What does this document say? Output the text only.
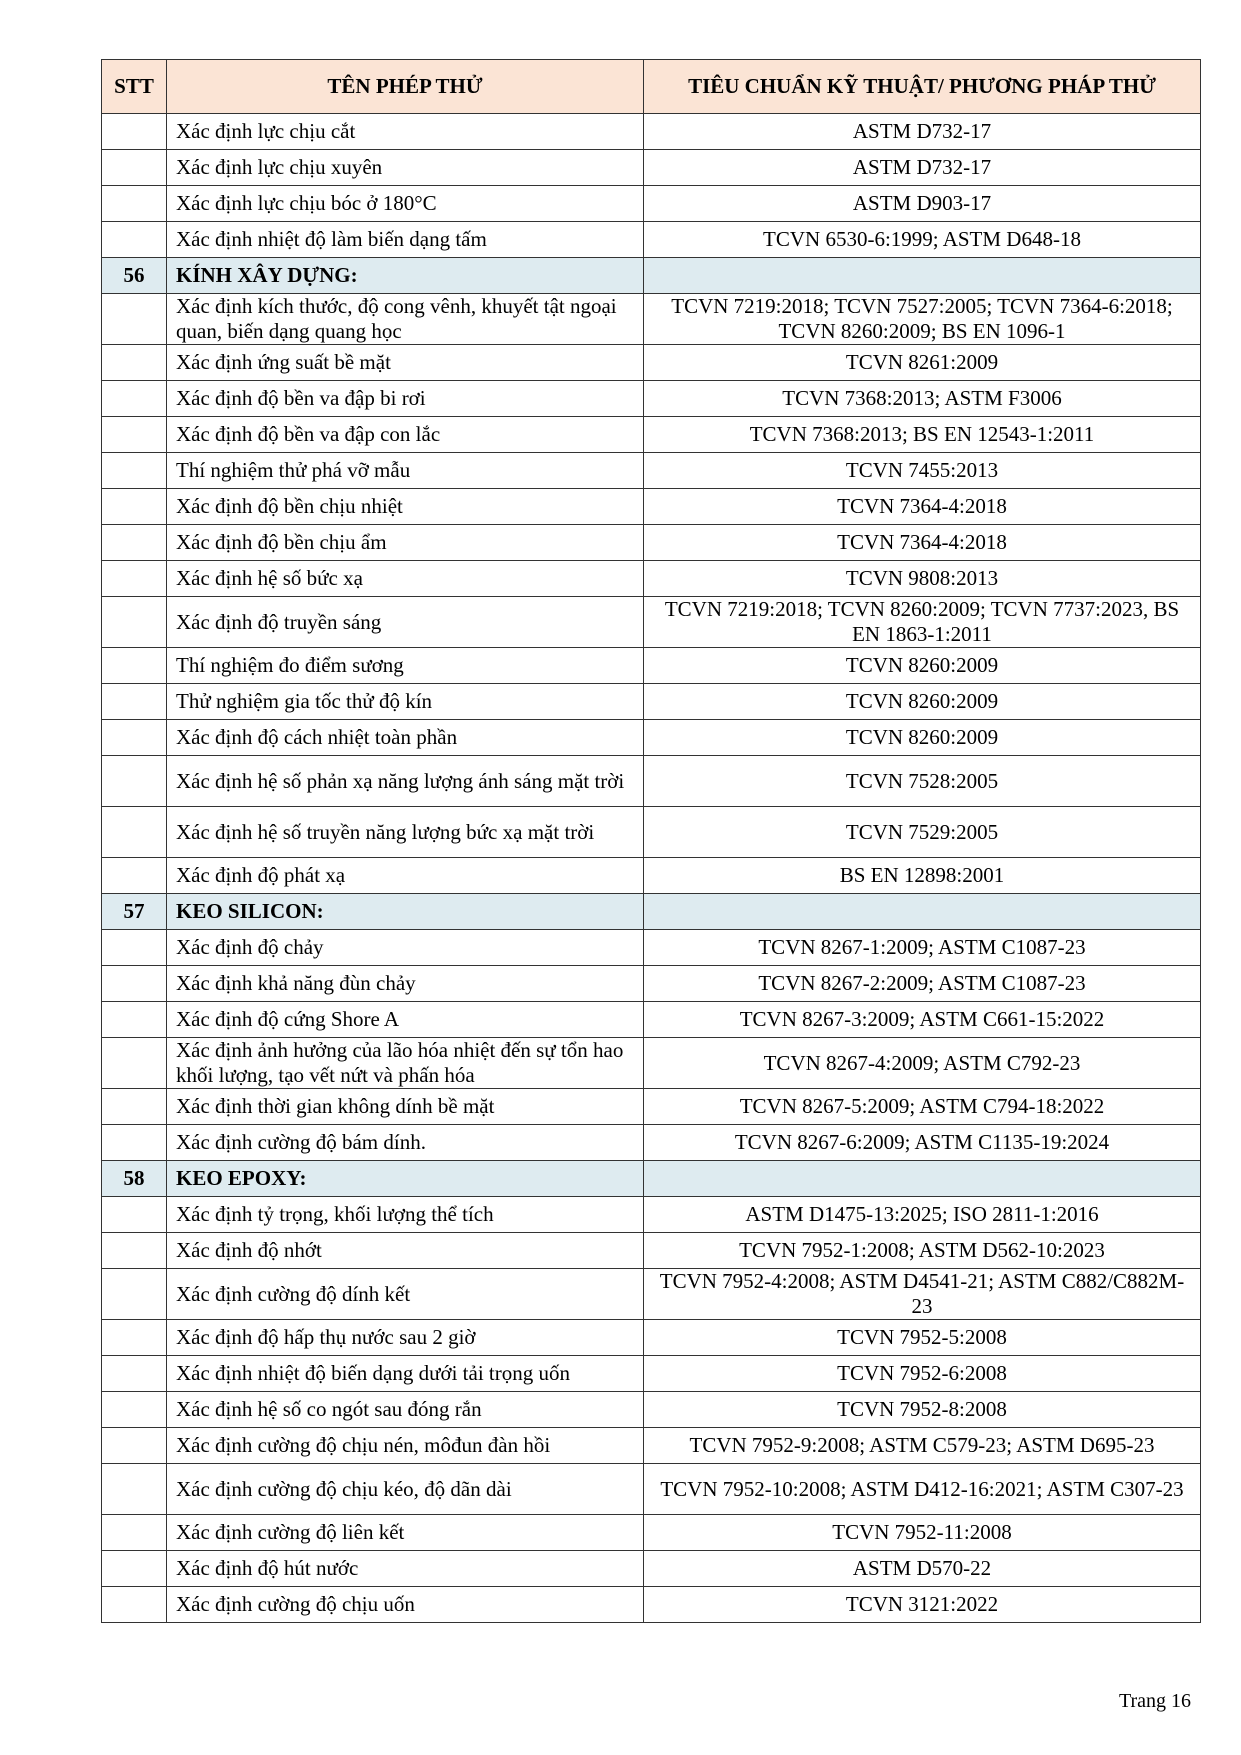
STT	TÊN PHÉP THỬ	TIÊU CHUẨN KỸ THUẬT/ PHƯƠNG PHÁP THỬ
	Xác định lực chịu cắt	ASTM D732-17
	Xác định lực chịu xuyên	ASTM D732-17
	Xác định lực chịu bóc ở 180°C	ASTM D903-17
	Xác định nhiệt độ làm biến dạng tấm	TCVN 6530-6:1999; ASTM D648-18
56	KÍNH XÂY DỰNG:	
	Xác định kích thước, độ cong vênh, khuyết tật ngoại quan, biến dạng quang học	TCVN 7219:2018; TCVN 7527:2005; TCVN 7364-6:2018; TCVN 8260:2009; BS EN 1096-1
	Xác định ứng suất bề mặt	TCVN 8261:2009
	Xác định độ bền va đập bi rơi	TCVN 7368:2013; ASTM F3006
	Xác định độ bền va đập con lắc	TCVN 7368:2013; BS EN 12543-1:2011
	Thí nghiệm thử phá vỡ mẫu	TCVN 7455:2013
	Xác định độ bền chịu nhiệt	TCVN 7364-4:2018
	Xác định độ bền chịu ẩm	TCVN 7364-4:2018
	Xác định hệ số bức xạ	TCVN 9808:2013
	Xác định độ truyền sáng	TCVN 7219:2018; TCVN 8260:2009; TCVN 7737:2023, BS EN 1863-1:2011
	Thí nghiệm đo điểm sương	TCVN 8260:2009
	Thử nghiệm gia tốc thử độ kín	TCVN 8260:2009
	Xác định độ cách nhiệt toàn phần	TCVN 8260:2009
	Xác định hệ số phản xạ năng lượng ánh sáng mặt trời	TCVN 7528:2005
	Xác định hệ số truyền năng lượng bức xạ mặt trời	TCVN 7529:2005
	Xác định độ phát xạ	BS EN 12898:2001
57	KEO SILICON:	
	Xác định độ chảy	TCVN 8267-1:2009; ASTM C1087-23
	Xác định khả năng đùn chảy	TCVN 8267-2:2009; ASTM C1087-23
	Xác định độ cứng Shore A	TCVN 8267-3:2009; ASTM C661-15:2022
	Xác định ảnh hưởng của lão hóa nhiệt đến sự tổn hao khối lượng, tạo vết nứt và phấn hóa	TCVN 8267-4:2009; ASTM C792-23
	Xác định thời gian không dính bề mặt	TCVN 8267-5:2009; ASTM C794-18:2022
	Xác định cường độ bám dính.	TCVN 8267-6:2009; ASTM C1135-19:2024
58	KEO EPOXY:	
	Xác định tỷ trọng, khối lượng thể tích	ASTM D1475-13:2025; ISO 2811-1:2016
	Xác định độ nhớt	TCVN 7952-1:2008; ASTM D562-10:2023
	Xác định cường độ dính kết	TCVN 7952-4:2008; ASTM D4541-21; ASTM C882/C882M-23
	Xác định độ hấp thụ nước sau 2 giờ	TCVN 7952-5:2008
	Xác định nhiệt độ biến dạng dưới tải trọng uốn	TCVN 7952-6:2008
	Xác định hệ số co ngót sau đóng rắn	TCVN 7952-8:2008
	Xác định cường độ chịu nén, môđun đàn hồi	TCVN 7952-9:2008; ASTM C579-23; ASTM D695-23
	Xác định cường độ chịu kéo, độ dãn dài	TCVN 7952-10:2008; ASTM D412-16:2021; ASTM C307-23
	Xác định cường độ liên kết	TCVN 7952-11:2008
	Xác định độ hút nước	ASTM D570-22
	Xác định cường độ chịu uốn	TCVN 3121:2022
Trang 16
